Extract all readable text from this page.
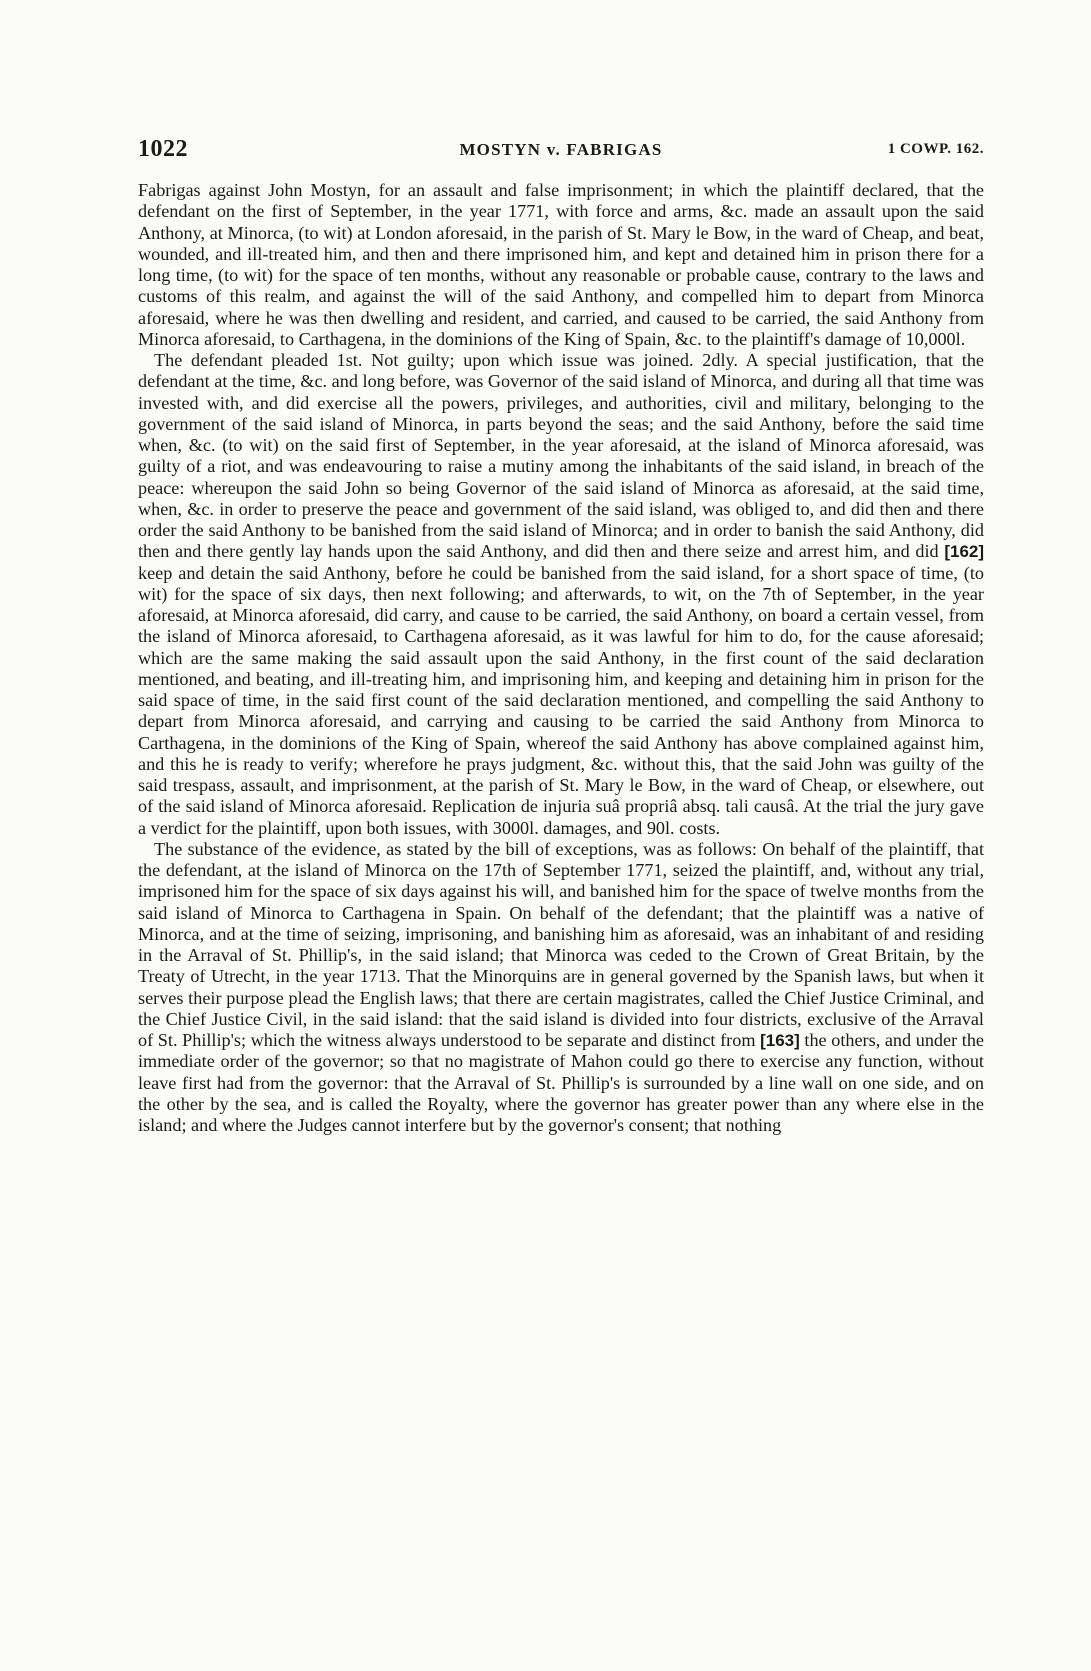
1022	MOSTYN v. FABRIGAS	1 COWP. 162.

Fabrigas against John Mostyn, for an assault and false imprisonment; in which the plaintiff declared, that the defendant on the first of September, in the year 1771, with force and arms, &c. made an assault upon the said Anthony, at Minorca, (to wit) at London aforesaid, in the parish of St. Mary le Bow, in the ward of Cheap, and beat, wounded, and ill-treated him, and then and there imprisoned him, and kept and detained him in prison there for a long time, (to wit) for the space of ten months, without any reasonable or probable cause, contrary to the laws and customs of this realm, and against the will of the said Anthony, and compelled him to depart from Minorca aforesaid, where he was then dwelling and resident, and carried, and caused to be carried, the said Anthony from Minorca aforesaid, to Carthagena, in the dominions of the King of Spain, &c. to the plaintiff's damage of 10,000l.

The defendant pleaded 1st. Not guilty; upon which issue was joined. 2dly. A special justification, that the defendant at the time, &c. and long before, was Governor of the said island of Minorca, and during all that time was invested with, and did exercise all the powers, privileges, and authorities, civil and military, belonging to the government of the said island of Minorca, in parts beyond the seas; and the said Anthony, before the said time when, &c. (to wit) on the said first of September, in the year aforesaid, at the island of Minorca aforesaid, was guilty of a riot, and was endeavouring to raise a mutiny among the inhabitants of the said island, in breach of the peace: whereupon the said John so being Governor of the said island of Minorca as aforesaid, at the said time, when, &c. in order to preserve the peace and government of the said island, was obliged to, and did then and there order the said Anthony to be banished from the said island of Minorca; and in order to banish the said Anthony, did then and there gently lay hands upon the said Anthony, and did then and there seize and arrest him, and did [162] keep and detain the said Anthony, before he could be banished from the said island, for a short space of time, (to wit) for the space of six days, then next following; and afterwards, to wit, on the 7th of September, in the year aforesaid, at Minorca aforesaid, did carry, and cause to be carried, the said Anthony, on board a certain vessel, from the island of Minorca aforesaid, to Carthagena aforesaid, as it was lawful for him to do, for the cause aforesaid; which are the same making the said assault upon the said Anthony, in the first count of the said declaration mentioned, and beating, and ill-treating him, and imprisoning him, and keeping and detaining him in prison for the said space of time, in the said first count of the said declaration mentioned, and compelling the said Anthony to depart from Minorca aforesaid, and carrying and causing to be carried the said Anthony from Minorca to Carthagena, in the dominions of the King of Spain, whereof the said Anthony has above complained against him, and this he is ready to verify; wherefore he prays judgment, &c. without this, that the said John was guilty of the said trespass, assault, and imprisonment, at the parish of St. Mary le Bow, in the ward of Cheap, or elsewhere, out of the said island of Minorca aforesaid. Replication de injuria suâ propriâ absq. tali causâ. At the trial the jury gave a verdict for the plaintiff, upon both issues, with 3000l. damages, and 90l. costs.

The substance of the evidence, as stated by the bill of exceptions, was as follows: On behalf of the plaintiff, that the defendant, at the island of Minorca on the 17th of September 1771, seized the plaintiff, and, without any trial, imprisoned him for the space of six days against his will, and banished him for the space of twelve months from the said island of Minorca to Carthagena in Spain. On behalf of the defendant; that the plaintiff was a native of Minorca, and at the time of seizing, imprisoning, and banishing him as aforesaid, was an inhabitant of and residing in the Arraval of St. Phillip's, in the said island; that Minorca was ceded to the Crown of Great Britain, by the Treaty of Utrecht, in the year 1713. That the Minorquins are in general governed by the Spanish laws, but when it serves their purpose plead the English laws; that there are certain magistrates, called the Chief Justice Criminal, and the Chief Justice Civil, in the said island: that the said island is divided into four districts, exclusive of the Arraval of St. Phillip's; which the witness always understood to be separate and distinct from [163] the others, and under the immediate order of the governor; so that no magistrate of Mahon could go there to exercise any function, without leave first had from the governor: that the Arraval of St. Phillip's is surrounded by a line wall on one side, and on the other by the sea, and is called the Royalty, where the governor has greater power than any where else in the island; and where the Judges cannot interfere but by the governor's consent; that nothing
